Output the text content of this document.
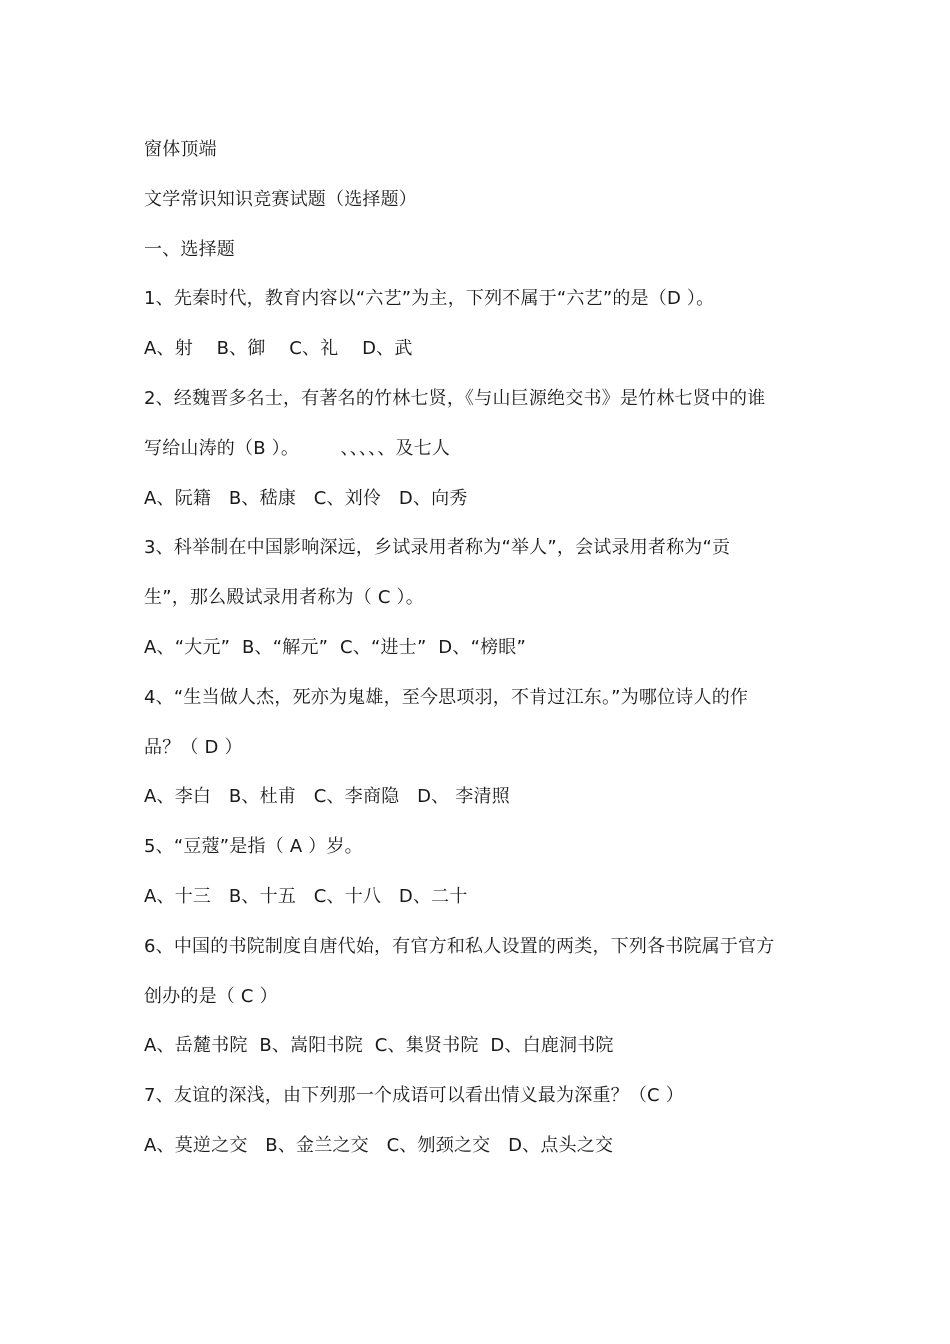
窗体顶端
文学常识知识竞赛试题（选择题）
一、选择题
1、先秦时代，教育内容以“六艺”为主，下列不属于“六艺”的是（D ）。
A、射    B、御    C、礼    D、武
2、经魏晋多名士，有著名的竹林七贤，《与山巨源绝交书》是竹林七贤中的谁
写给山涛的（B ）。       、、、、、及七人
A、阮籍   B、嵇康   C、刘伶   D、向秀
3、科举制在中国影响深远，乡试录用者称为“举人”，会试录用者称为“贡
生”，那么殿试录用者称为（ C ）。
A、“大元”  B、“解元”  C、“进士”  D、“榜眼”
4、“生当做人杰，死亦为鬼雄，至今思项羽，不肯过江东。”为哪位诗人的作
品？（ D ）
A、李白   B、杜甫   C、李商隐   D、 李清照
5、“豆蔻”是指（ A ）岁。
A、十三   B、十五   C、十八   D、二十
6、中国的书院制度自唐代始，有官方和私人设置的两类，下列各书院属于官方
创办的是（ C ）
A、岳麓书院  B、嵩阳书院  C、集贤书院  D、白鹿洞书院
7、友谊的深浅，由下列那一个成语可以看出情义最为深重？（C ）
A、莫逆之交   B、金兰之交   C、刎颈之交   D、点头之交
